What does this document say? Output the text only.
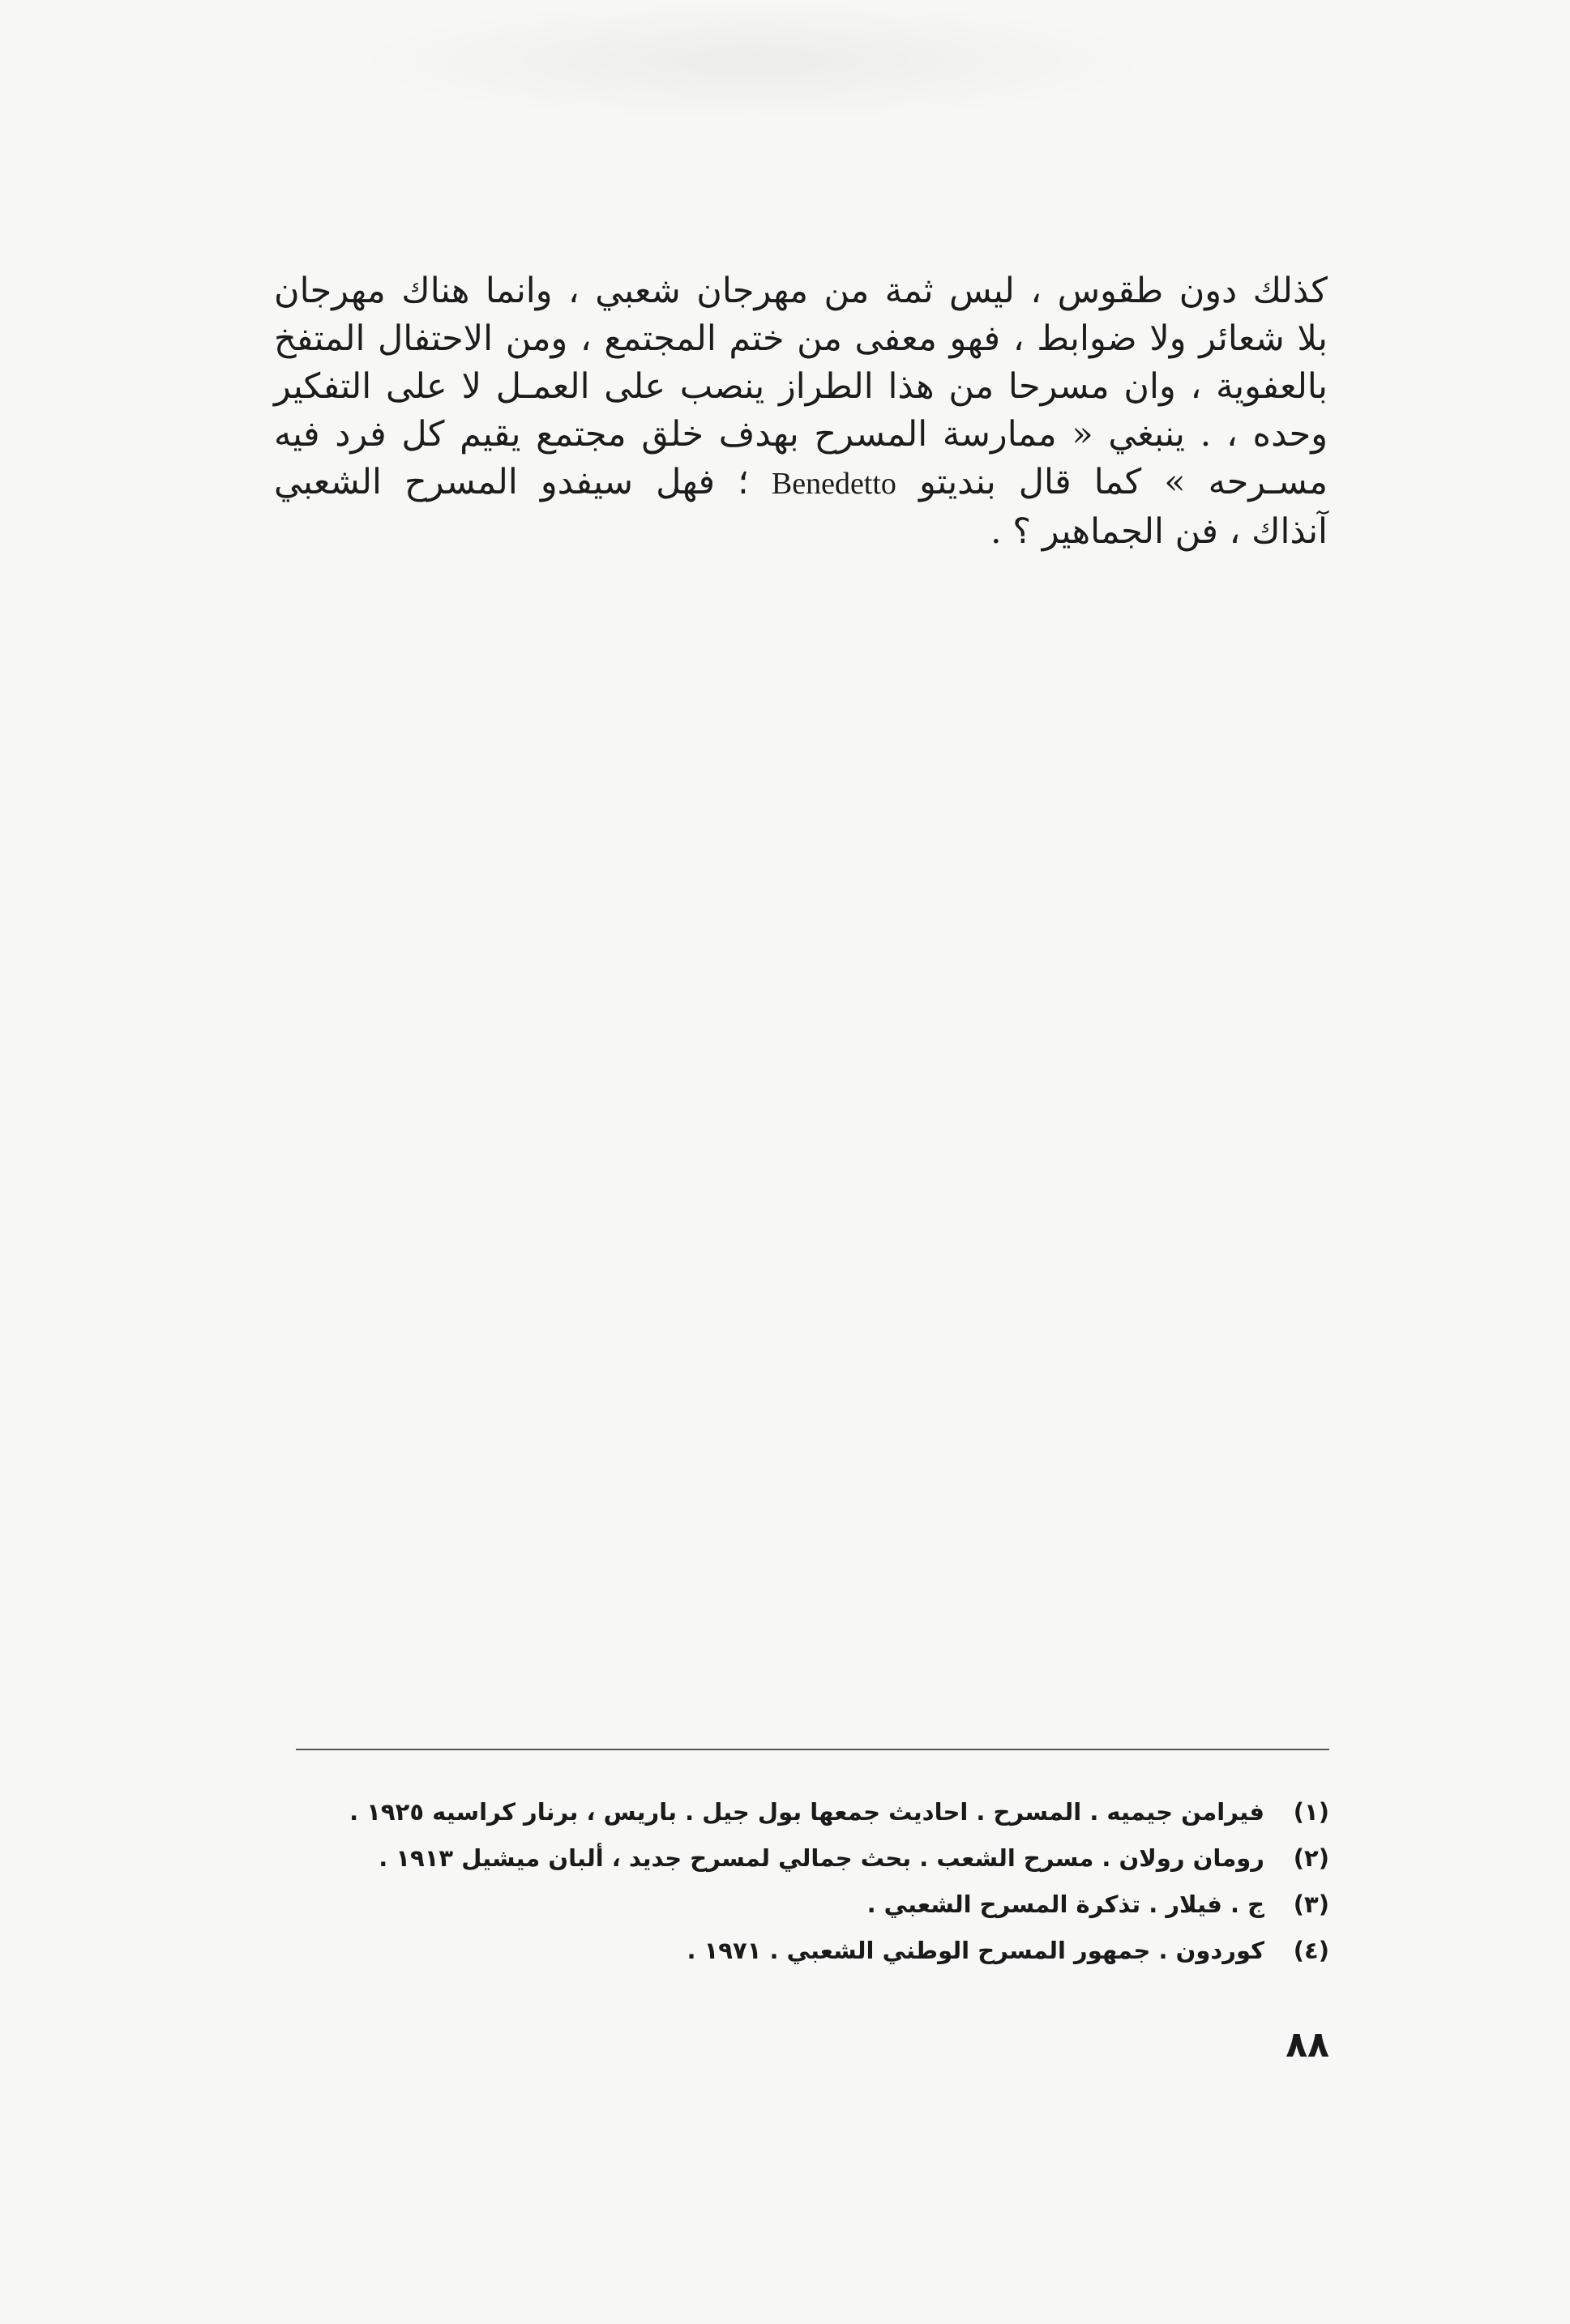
كذلك دون طقوس ، ليس ثمة من مهرجان شعبي ، وانما هناك مهرجان
بلا شعائر ولا ضوابط ، فهو معفى من ختم المجتمع ، ومن الاحتفال المتفخ
بالعفوية ، وان مسرحا من هذا الطراز ينصب على العمـل لا على التفكير
وحده ، . ينبغي « ممارسة المسرح بهدف خلق مجتمع يقيم كل فرد فيه
مسـرحه » كما قال بنديتو Benedetto ؛ فهل سيفدو المسرح الشعبي
آنذاك ، فن الجماهير ؟ .
(١)
فيرامن جيميه . المسرح . احاديث جمعها بول جيل . باريس ، برنار كراسيه ١٩٢٥ .
(٢)
رومان رولان . مسرح الشعب . بحث جمالي لمسرح جديد ، ألبان ميشيل ١٩١٣ .
(٣)
ج . فيلار . تذكرة المسرح الشعبي .
(٤)
كوردون . جمهور المسرح الوطني الشعبي . ١٩٧١ .
٨٨
